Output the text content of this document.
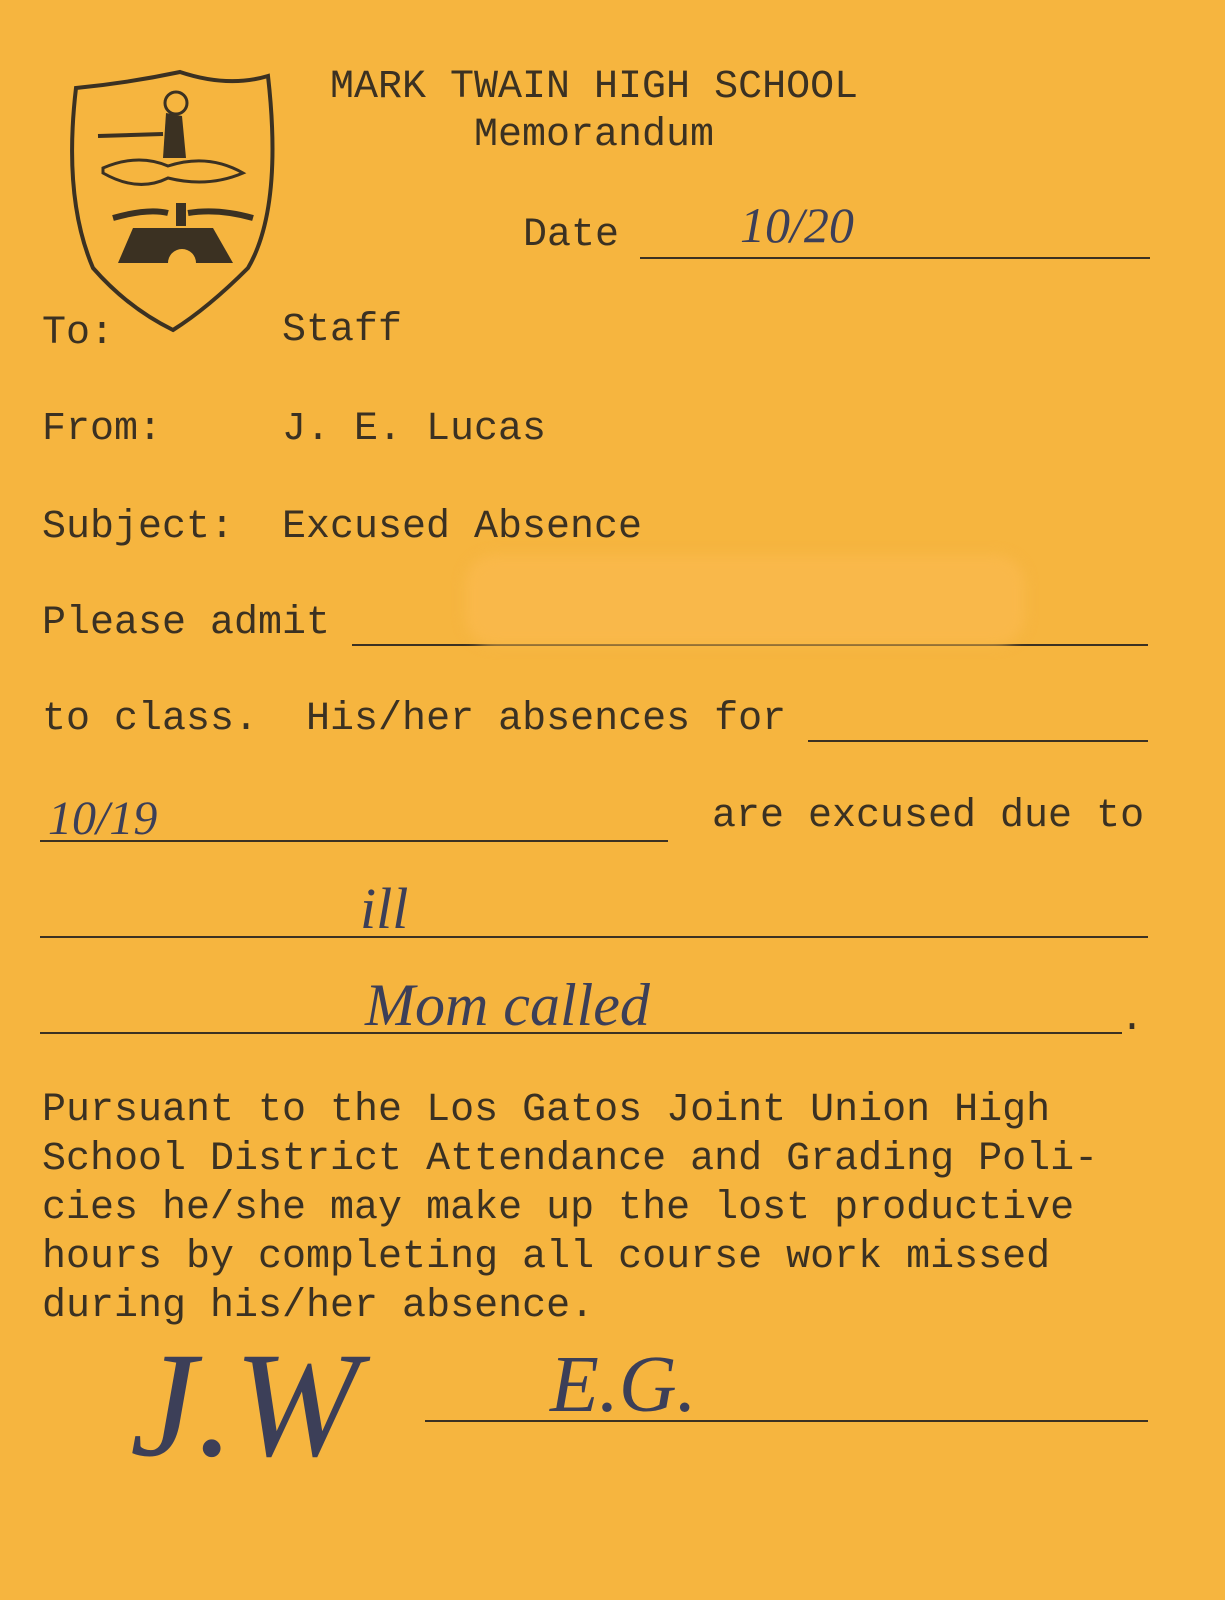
MARK TWAIN HIGH SCHOOL
Memorandum
Date 10/20
To:	Staff
From:	J. E. Lucas
Subject: Excused Absence
Please admit
to class.  His/her absences for
10/19	are excused due to
ill
Mom called	.
Pursuant to the Los Gatos Joint Union High
School District Attendance and Grading Poli-
cies he/she may make up the lost productive
hours by completing all course work missed
during his/her absence.
J.W E.G.
